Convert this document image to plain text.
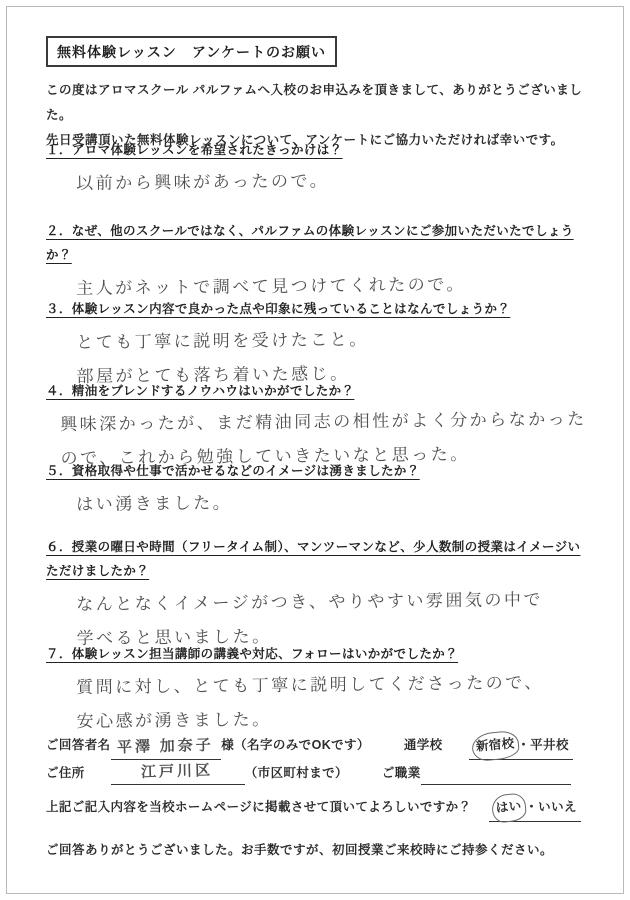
無料体験レッスン　アンケートのお願い

この度はアロマスクール パルファムへ入校のお申込みを頂きまして、ありがとうございました。
先日受講頂いた無料体験レッスンについて、アンケートにご協力いただければ幸いです。

１．アロマ体験レッスンを希望されたきっかけは？
以前から興味があったので。
２．なぜ、他のスクールではなく、パルファムの体験レッスンにご参加いただいたでしょうか？
主人がネットで調べて見つけてくれたので。
３．体験レッスン内容で良かった点や印象に残っていることはなんでしょうか？
とても丁寧に説明を受けたこと。
部屋がとても落ち着いた感じ。
４．精油をブレンドするノウハウはいかがでしたか？
興味深かったが、まだ精油同志の相性がよく分からなかった
ので、これから勉強していきたいなと思った。
５．資格取得や仕事で活かせるなどのイメージは湧きましたか？
はい湧きました。
６．授業の曜日や時間（フリータイム制）、マンツーマンなど、少人数制の授業はイメージいただけましたか？
なんとなくイメージがつき、やりやすい雰囲気の中で
学べると思いました。
７．体験レッスン担当講師の講義や対応、フォローはいかがでしたか？
質問に対し、とても丁寧に説明してくださったので、
安心感が湧きました。
ご回答者名 平澤 加奈子 様（名字のみでOKです）	通学校	新宿校 ・平井校
ご住所	江戸川区	（市区町村まで）	ご職業
上記ご記入内容を当校ホームページに掲載させて頂いてよろしいですか？ はい ・いいえ

ご回答ありがとうございました。お手数ですが、初回授業ご来校時にご持参ください。
